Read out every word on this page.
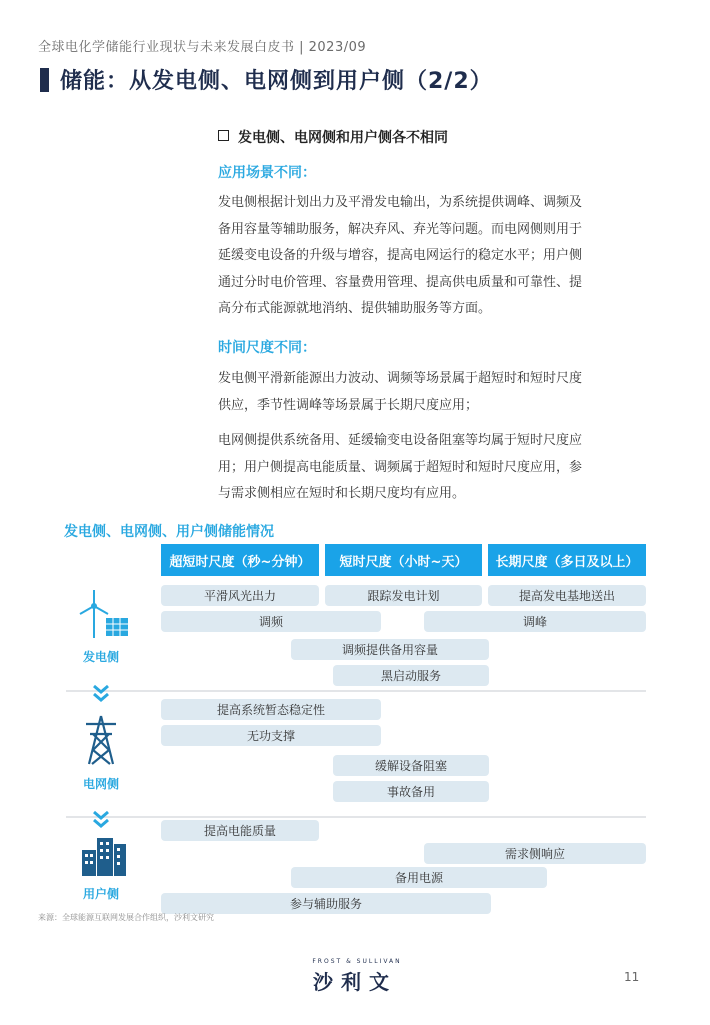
全球电化学储能行业现状与未来发展白皮书 | 2023/09
储能：从发电侧、电网侧到用户侧（2/2）
发电侧、电网侧和用户侧各不相同
应用场景不同：
发电侧根据计划出力及平滑发电输出，为系统提供调峰、调频及
备用容量等辅助服务，解决弃风、弃光等问题。而电网侧则用于
延缓变电设备的升级与增容，提高电网运行的稳定水平；用户侧
通过分时电价管理、容量费用管理、提高供电质量和可靠性、提
高分布式能源就地消纳、提供辅助服务等方面。
时间尺度不同：
发电侧平滑新能源出力波动、调频等场景属于超短时和短时尺度
供应，季节性调峰等场景属于长期尺度应用；
电网侧提供系统备用、延缓输变电设备阻塞等均属于短时尺度应
用；用户侧提高电能质量、调频属于超短时和短时尺度应用，参
与需求侧相应在短时和长期尺度均有应用。
发电侧、电网侧、用户侧储能情况
超短时尺度（秒~分钟）	短时尺度（小时~天）	长期尺度（多日及以上）
发电侧
平滑风光出力	跟踪发电计划	提高发电基地送出
调频	调峰
调频提供备用容量
黑启动服务
电网侧
提高系统暂态稳定性
无功支撑
缓解设备阻塞
事故备用
用户侧
提高电能质量
需求侧响应
备用电源
参与辅助服务
来源：全球能源互联网发展合作组织，沙利文研究
FROST & SULLIVAN
沙利文	11
